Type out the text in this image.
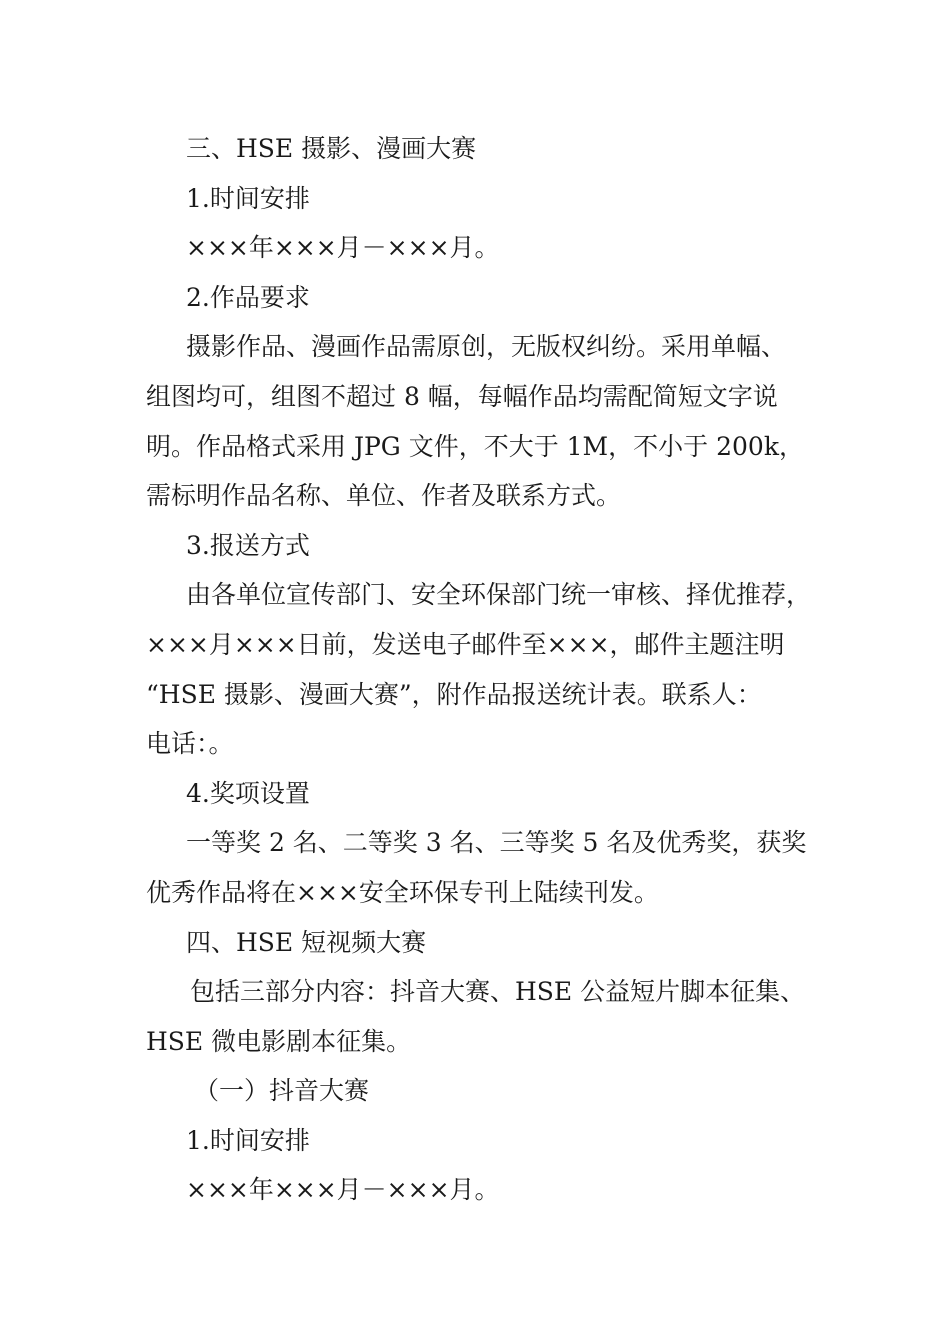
三、HSE 摄影、漫画大赛

1.时间安排

×××年×××月－×××月。

2.作品要求

摄影作品、漫画作品需原创，无版权纠纷。采用单幅、

组图均可，组图不超过 8 幅，每幅作品均需配简短文字说

明。作品格式采用 JPG 文件，不大于 1M，不小于 200k，

需标明作品名称、单位、作者及联系方式。

3.报送方式

由各单位宣传部门、安全环保部门统一审核、择优推荐，

×××月×××日前，发送电子邮件至×××，邮件主题注明

“HSE 摄影、漫画大赛”，附作品报送统计表。联系人：

电话：。

4.奖项设置

一等奖 2 名、二等奖 3 名、三等奖 5 名及优秀奖，获奖

优秀作品将在×××安全环保专刊上陆续刊发。

四、HSE 短视频大赛

包括三部分内容：抖音大赛、HSE 公益短片脚本征集、

HSE 微电影剧本征集。

（一）抖音大赛

1.时间安排

×××年×××月－×××月。
